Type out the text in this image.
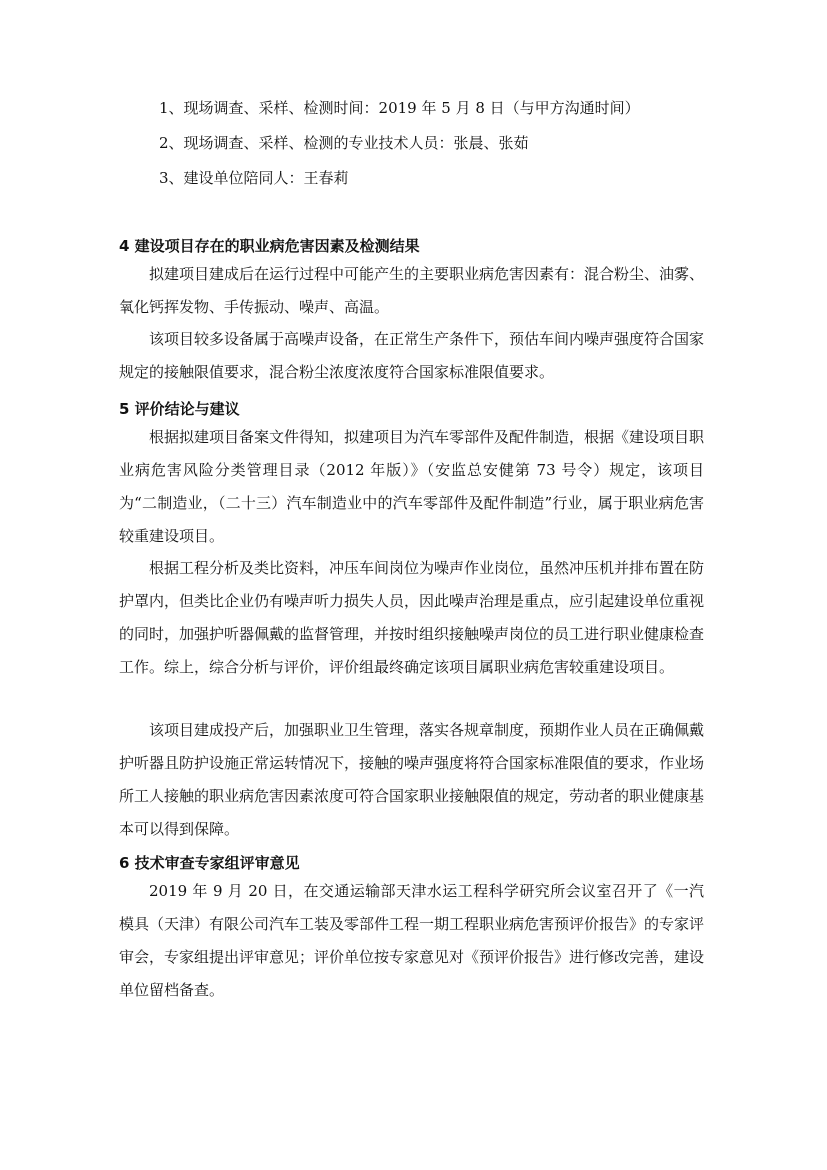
1、现场调查、采样、检测时间：2019 年 5 月 8 日（与甲方沟通时间）
2、现场调查、采样、检测的专业技术人员：张晨、张茹
3、建设单位陪同人：王春莉
4 建设项目存在的职业病危害因素及检测结果

拟建项目建成后在运行过程中可能产生的主要职业病危害因素有：混合粉尘、油雾、氧化钙挥发物、手传振动、噪声、高温。

该项目较多设备属于高噪声设备，在正常生产条件下，预估车间内噪声强度符合国家规定的接触限值要求，混合粉尘浓度浓度符合国家标准限值要求。

5 评价结论与建议

根据拟建项目备案文件得知，拟建项目为汽车零部件及配件制造，根据《建设项目职业病危害风险分类管理目录（2012 年版）》（安监总安健第 73 号令）规定，该项目为“二制造业，（二十三）汽车制造业中的汽车零部件及配件制造”行业，属于职业病危害较重建设项目。

根据工程分析及类比资料，冲压车间岗位为噪声作业岗位，虽然冲压机并排布置在防护罩内，但类比企业仍有噪声听力损失人员，因此噪声治理是重点，应引起建设单位重视的同时，加强护听器佩戴的监督管理，并按时组织接触噪声岗位的员工进行职业健康检查工作。综上，综合分析与评价，评价组最终确定该项目属职业病危害较重建设项目。

该项目建成投产后，加强职业卫生管理，落实各规章制度，预期作业人员在正确佩戴护听器且防护设施正常运转情况下，接触的噪声强度将符合国家标准限值的要求，作业场所工人接触的职业病危害因素浓度可符合国家职业接触限值的规定，劳动者的职业健康基本可以得到保障。

6 技术审查专家组评审意见

2019 年 9 月 20 日，在交通运输部天津水运工程科学研究所会议室召开了《一汽模具（天津）有限公司汽车工装及零部件工程一期工程职业病危害预评价报告》的专家评审会，专家组提出评审意见；评价单位按专家意见对《预评价报告》进行修改完善，建设单位留档备查。
